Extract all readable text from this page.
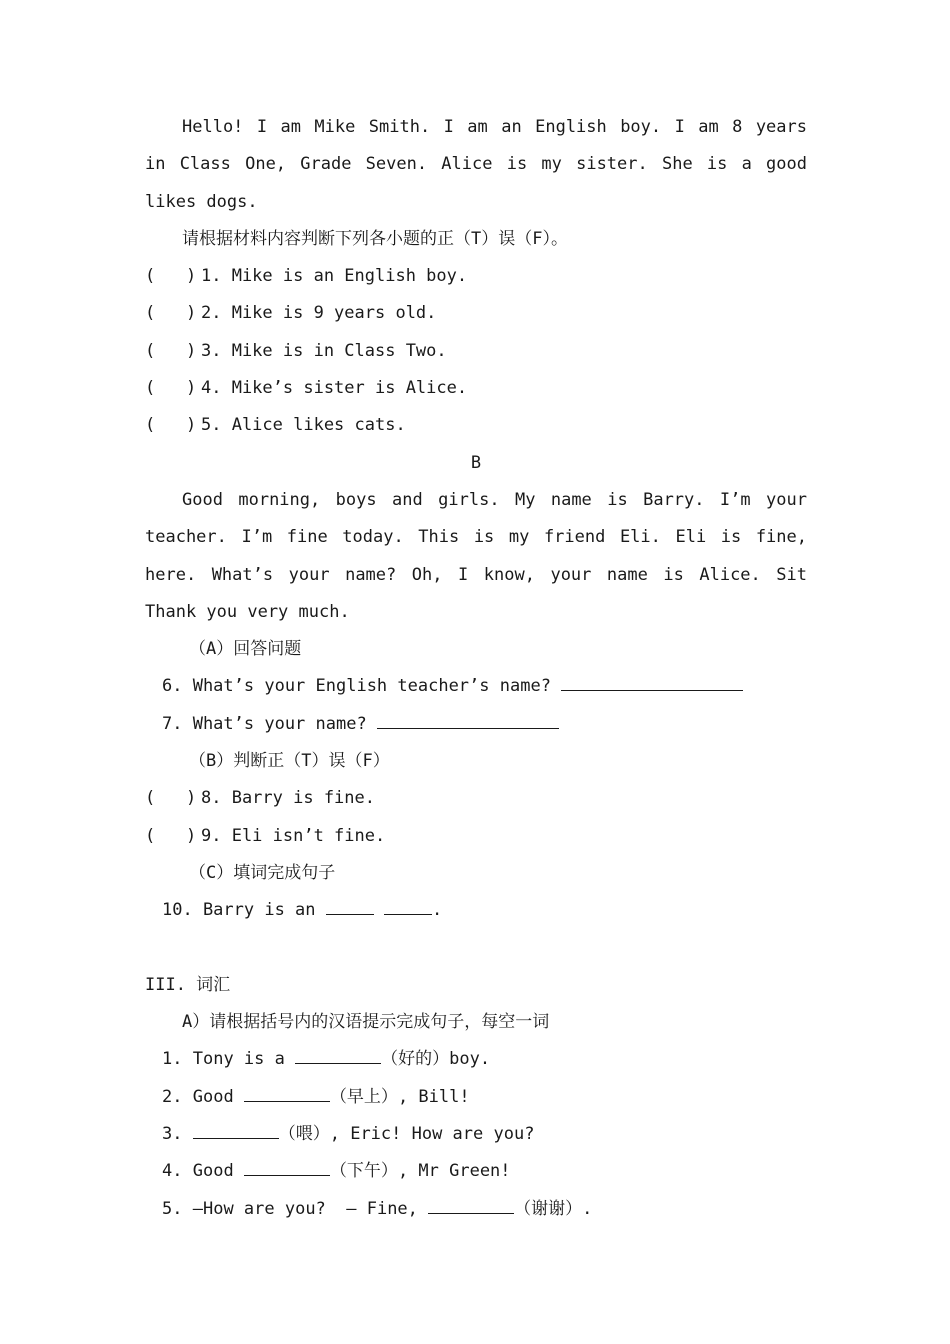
Hello! I am Mike Smith. I am an English boy. I am 8 years
in Class One, Grade Seven. Alice is my sister. She is a good
likes dogs.
请根据材料内容判断下列各小题的正（T）误（F）。
(   ) 1. Mike is an English boy.
(   ) 2. Mike is 9 years old.
(   ) 3. Mike is in Class Two.
(   ) 4. Mike’s sister is Alice.
(   ) 5. Alice likes cats.
B
Good morning, boys and girls. My name is Barry. I’m your
teacher. I’m fine today. This is my friend Eli. Eli is fine,
here. What’s your name? Oh, I know, your name is Alice. Sit
Thank you very much.
（A）回答问题
6. What’s your English teacher’s name?
7. What’s your name?
（B）判断正（T）误（F）
(   ) 8. Barry is fine.
(   ) 9. Eli isn’t fine.
（C）填词完成句子
10. Barry is an	.
III. 词汇
A）请根据括号内的汉语提示完成句子，每空一词
1. Tony is a	（好的）boy.
2. Good	（早上）, Bill!
3.	（喂）, Eric! How are you?
4. Good	（下午）, Mr Green!
5. —How are you?  — Fine,	（谢谢）.
